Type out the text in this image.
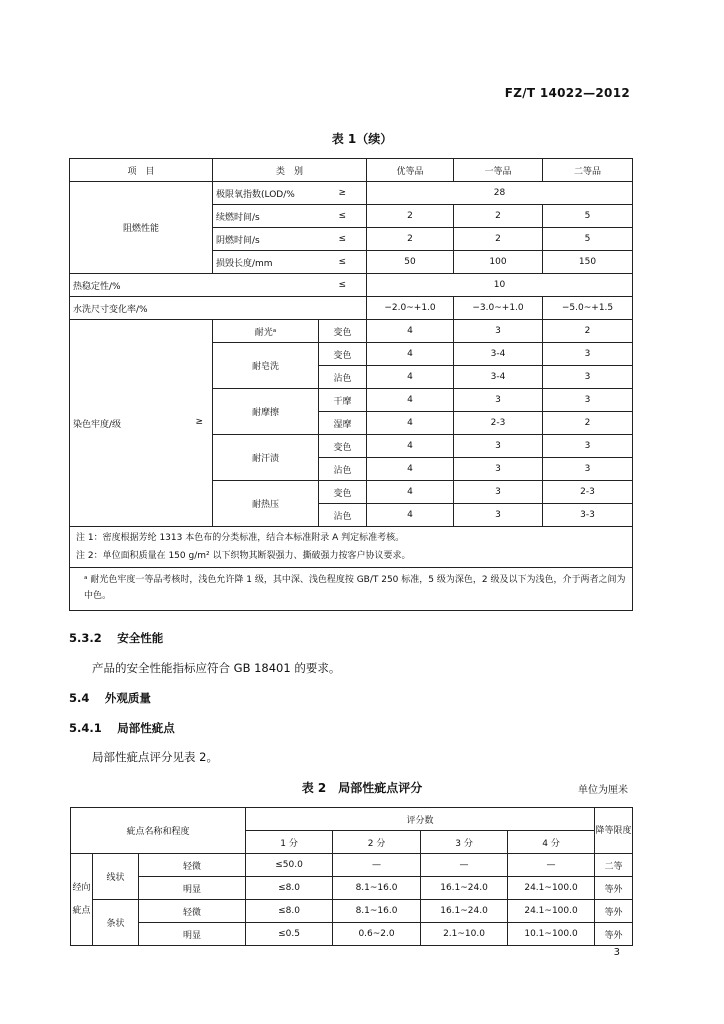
FZ/T 14022—2012
表 1（续）
项　目	类　别		优等品	一等品	二等品
阻燃性能	极限氧指数(LOD/%	≥	28		
	续燃时间/s	≤	2	2	5
	阴燃时间/s	≤	2	2	5
	损毁长度/mm	≤	50	100	150
热稳定性/%		≤	10		
水洗尺寸变化率/%			−2.0~+1.0	−3.0~+1.0	−5.0~+1.5
染色牢度/级 ≥	耐光ᵃ	变色	4	3	2
	耐皂洗	变色	4	3-4	3
		沾色	4	3-4	3
	耐摩擦	干摩	4	3	3
		湿摩	4	2-3	2
	耐汗渍	变色	4	3	3
		沾色	4	3	3
	耐热压	变色	4	3	2-3
		沾色	4	3	3-3

注 1：密度根据芳纶 1313 本色布的分类标准，结合本标准附录 A 判定标准考核。
注 2：单位面积质量在 150 g/m² 以下织物其断裂强力、撕破强力按客户协议要求。					

ᵃ 耐光色牢度一等品考核时，浅色允许降 1 级，其中深、浅色程度按 GB/T 250 标准，5 级为深色，2 级及以下为浅色，介于两者之间为中色。					
5.3.2　 安全性能
产品的安全性能指标应符合 GB 18401 的要求。
5.4　 外观质量
5.4.1　 局部性疵点
局部性疵点评分见表 2。
表 2　局部性疵点评分	单位为厘米
疵点名称和程度			评分数				降等限度
			1 分	2 分	3 分	4 分	
经向疵点	线状	轻微	≤50.0	—	—	—	二等
		明显	≤8.0	8.1~16.0	16.1~24.0	24.1~100.0	等外
	条状	轻微	≤8.0	8.1~16.0	16.1~24.0	24.1~100.0	等外
		明显	≤0.5	0.6~2.0	2.1~10.0	10.1~100.0	等外
3
